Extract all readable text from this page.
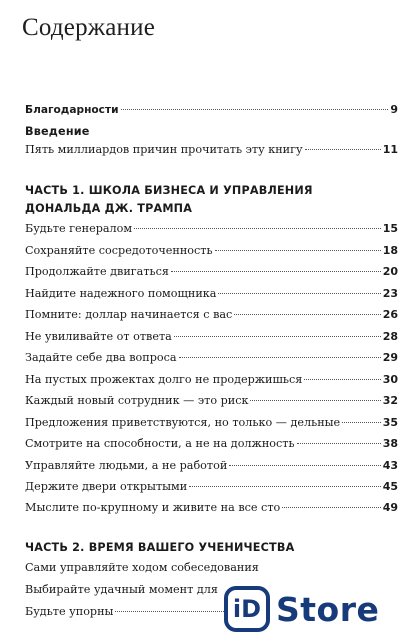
Содержание
Благодарности	9
Введение
Пять миллиардов причин прочитать эту книгу	11
ЧАСТЬ 1. ШКОЛА БИЗНЕСА И УПРАВЛЕНИЯ
ДОНАЛЬДА ДЖ. ТРАМПА
Будьте генералом	15
Сохраняйте сосредоточенность	18
Продолжайте двигаться	20
Найдите надежного помощника	23
Помните: доллар начинается с вас	26
Не увиливайте от ответа	28
Задайте себе два вопроса	29
На пустых прожектах долго не продержишься	30
Каждый новый сотрудник — это риск	32
Предложения приветствуются, но только — дельные	35
Смотрите на способности, а не на должность	38
Управляйте людьми, а не работой	43
Держите двери открытыми	45
Мыслите по-крупному и живите на все сто	49
ЧАСТЬ 2. ВРЕМЯ ВАШЕГО УЧЕНИЧЕСТВА
Сами управляйте ходом собеседования
Выбирайте удачный момент для
Будьте упорны	iD Store
